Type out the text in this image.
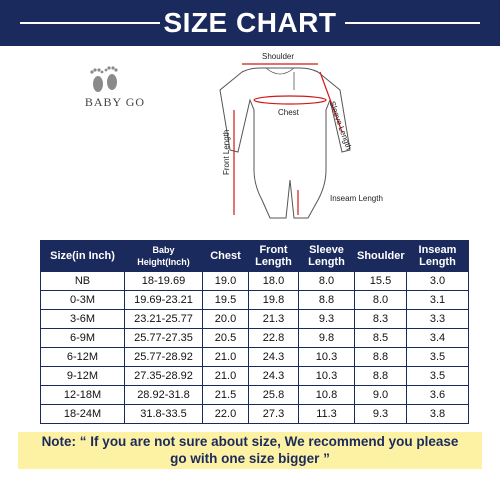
SIZE CHART
BABY GO
Shoulder
Sleeve Length
Chest
Front Length
Inseam Length
Size(in Inch)	Baby Height(Inch)	Chest	Front Length	Sleeve Length	Shoulder	Inseam Length
NB	18-19.69	19.0	18.0	8.0	15.5	3.0
0-3M	19.69-23.21	19.5	19.8	8.8	8.0	3.1
3-6M	23.21-25.77	20.0	21.3	9.3	8.3	3.3
6-9M	25.77-27.35	20.5	22.8	9.8	8.5	3.4
6-12M	25.77-28.92	21.0	24.3	10.3	8.8	3.5
9-12M	27.35-28.92	21.0	24.3	10.3	8.8	3.5
12-18M	28.92-31.8	21.5	25.8	10.8	9.0	3.6
18-24M	31.8-33.5	22.0	27.3	11.3	9.3	3.8
Note: “ If you are not sure about size, We recommend you please
go with one size bigger ”
